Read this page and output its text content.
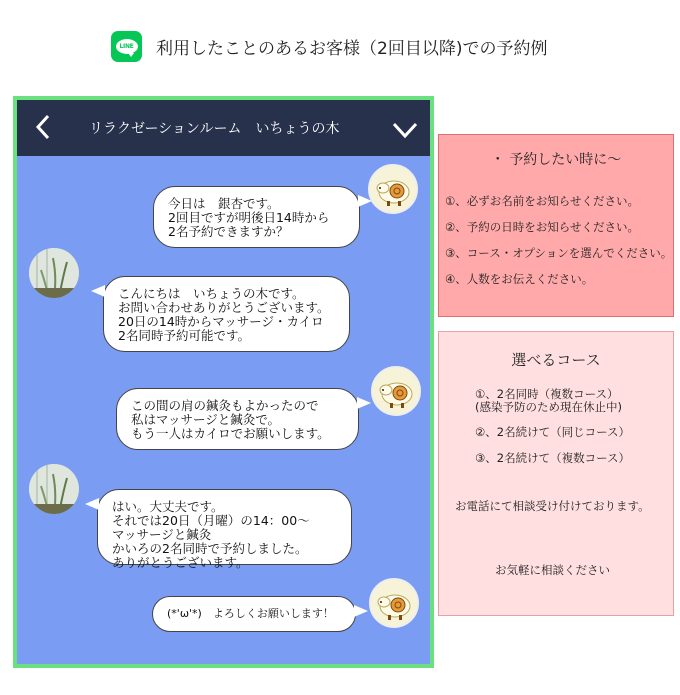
LINE 利用したことのあるお客様（2回目以降)での予約例
リラクゼーションルーム　いちょうの木
今日は　銀杏です。
2回目ですが明後日14時から
2名予約できますか？
こんにちは　いちょうの木です。
お問い合わせありがとうございます。
20日の14時からマッサージ・カイロ
2名同時予約可能です。
この間の肩の鍼灸もよかったので
私はマッサージと鍼灸で。
もう一人はカイロでお願いします。
はい。大丈夫です。
それでは20日（月曜）の14：00～
マッサージと鍼灸
かいろの2名同時で予約しました。
ありがとうございます。
(*'ω'*)　よろしくお願いします！
・ 予約したい時に～
①、必ずお名前をお知らせください。
②、予約の日時をお知らせください。
③、コース・オプションを選んでください。
④、人数をお伝えください。
選べるコース
①、2名同時（複数コース）
(感染予防のため現在休止中)
②、2名続けて（同じコース）
③、2名続けて（複数コース）
お電話にて相談受け付けております。
お気軽に相談ください
